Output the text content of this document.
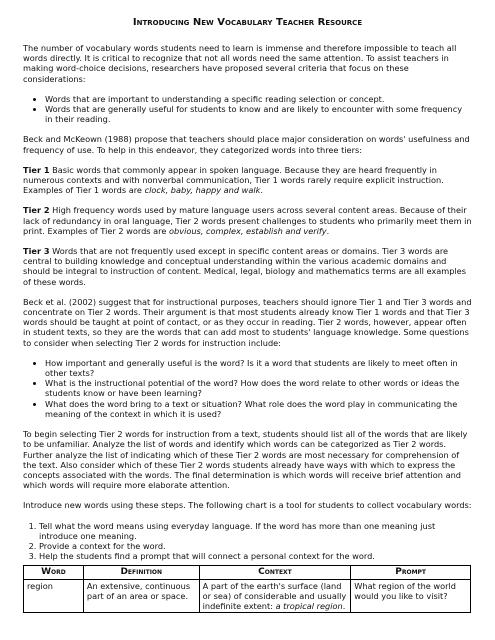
Introducing New Vocabulary Teacher Resource

The number of vocabulary words students need to learn is immense and therefore impossible to teach all words directly. It is critical to recognize that not all words need the same attention. To assist teachers in making word-choice decisions, researchers have proposed several criteria that focus on these considerations:

• Words that are important to understanding a specific reading selection or concept.
• Words that are generally useful for students to know and are likely to encounter with some frequency in their reading.

Beck and McKeown (1988) propose that teachers should place major consideration on words' usefulness and frequency of use. To help in this endeavor, they categorized words into three tiers:

Tier 1 Basic words that commonly appear in spoken language. Because they are heard frequently in numerous contexts and with nonverbal communication, Tier 1 words rarely require explicit instruction. Examples of Tier 1 words are clock, baby, happy and walk.

Tier 2 High frequency words used by mature language users across several content areas. Because of their lack of redundancy in oral language, Tier 2 words present challenges to students who primarily meet them in print. Examples of Tier 2 words are obvious, complex, establish and verify.

Tier 3 Words that are not frequently used except in specific content areas or domains. Tier 3 words are central to building knowledge and conceptual understanding within the various academic domains and should be integral to instruction of content. Medical, legal, biology and mathematics terms are all examples of these words.

Beck et al. (2002) suggest that for instructional purposes, teachers should ignore Tier 1 and Tier 3 words and concentrate on Tier 2 words. Their argument is that most students already know Tier 1 words and that Tier 3 words should be taught at point of contact, or as they occur in reading. Tier 2 words, however, appear often in student texts, so they are the words that can add most to students' language knowledge. Some questions to consider when selecting Tier 2 words for instruction include:

• How important and generally useful is the word? Is it a word that students are likely to meet often in other texts?
• What is the instructional potential of the word? How does the word relate to other words or ideas the students know or have been learning?
• What does the word bring to a text or situation? What role does the word play in communicating the meaning of the context in which it is used?

To begin selecting Tier 2 words for instruction from a text, students should list all of the words that are likely to be unfamiliar. Analyze the list of words and identify which words can be categorized as Tier 2 words. Further analyze the list of indicating which of these Tier 2 words are most necessary for comprehension of the text. Also consider which of these Tier 2 words students already have ways with which to express the concepts associated with the words. The final determination is which words will receive brief attention and which words will require more elaborate attention.

Introduce new words using these steps. The following chart is a tool for students to collect vocabulary words:

1. Tell what the word means using everyday language. If the word has more than one meaning just introduce one meaning.
2. Provide a context for the word.
3. Help the students find a prompt that will connect a personal context for the word.
Word	Definition	Context	Prompt
region	An extensive, continuous part of an area or space.	A part of the earth's surface (land or sea) of considerable and usually indefinite extent: a tropical region.	What region of the world would you like to visit?
